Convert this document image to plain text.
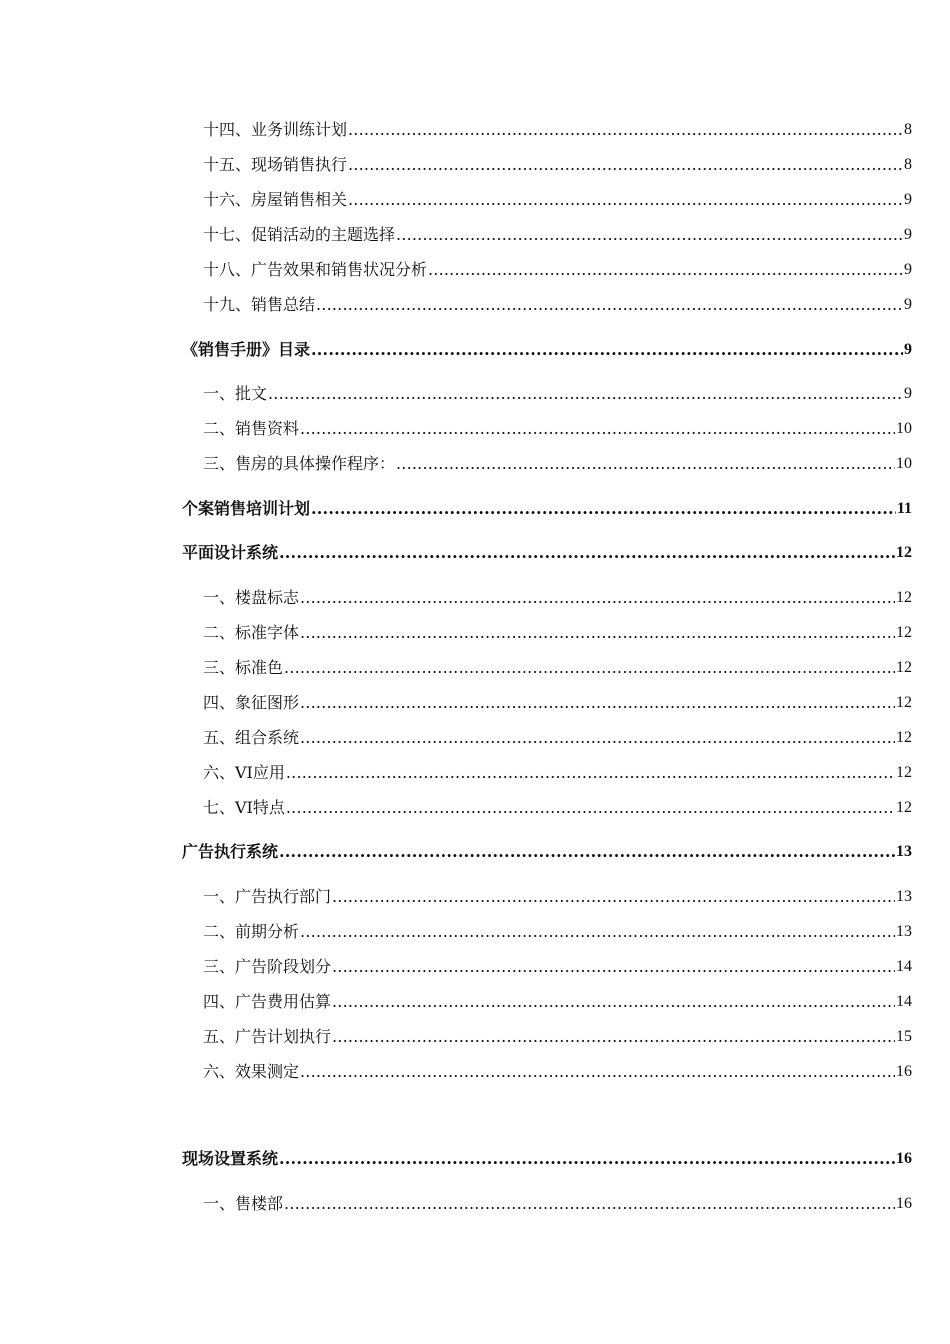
十四、业务训练计划 .....	8
十五、现场销售执行 .....	8
十六、房屋销售相关 .....	9
十七、促销活动的主题选择 .....	9
十八、广告效果和销售状况分析 .....	9
十九、销售总结 .....	9
《销售手册》目录 .....	9
一、批文 .....	9
二、销售资料 .....	10
三、售房的具体操作程序： .....	10
个案销售培训计划 .....	11
平面设计系统 .....	12
一、楼盘标志 .....	12
二、标准字体 .....	12
三、标准色 .....	12
四、象征图形 .....	12
五、组合系统 .....	12
六、VI应用 .....	12
七、VI特点 .....	12
广告执行系统 .....	13
一、广告执行部门 .....	13
二、前期分析 .....	13
三、广告阶段划分 .....	14
四、广告费用估算 .....	14
五、广告计划执行 .....	15
六、效果测定 .....	16
现场设置系统 .....	16
一、售楼部 .....	16
